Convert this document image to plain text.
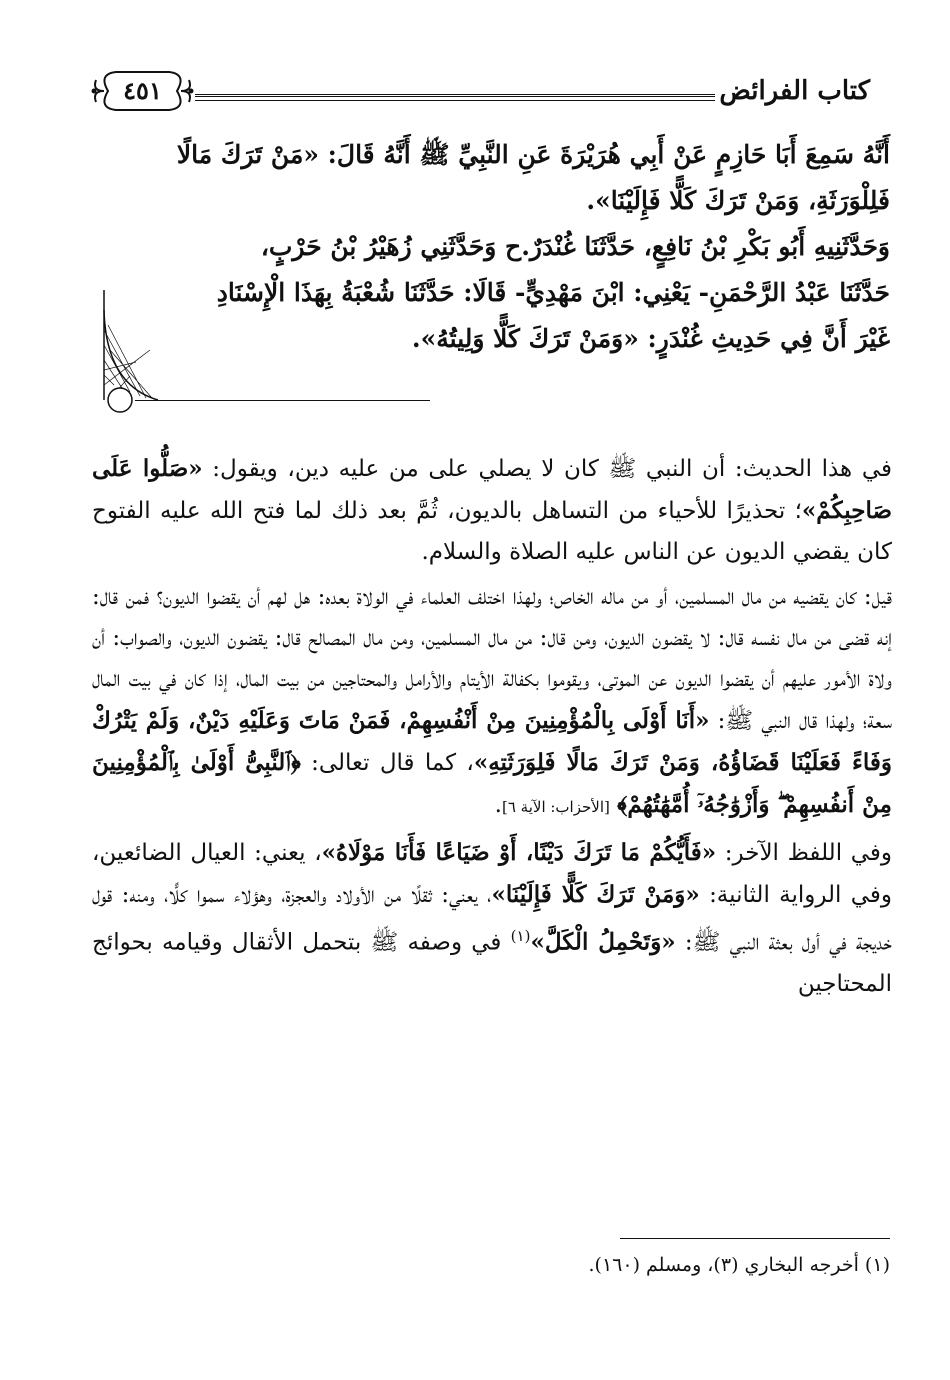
كتاب الفرائض
٤٥١

أَنَّهُ سَمِعَ أَبَا حَازِمٍ عَنْ أَبِي هُرَيْرَةَ عَنِ النَّبِيِّ ﷺ أَنَّهُ قَالَ: «مَنْ تَرَكَ مَالًا

فَلِلْوَرَثَةِ، وَمَنْ تَرَكَ كَلًّا فَإِلَيْنَا».

وَحَدَّثَنِيهِ أَبُو بَكْرِ بْنُ نَافِعٍ، حَدَّثَنَا غُنْدَرٌ.ح وَحَدَّثَنِي زُهَيْرُ بْنُ حَرْبٍ،

حَدَّثَنَا عَبْدُ الرَّحْمَنِ- يَعْنِي: ابْنَ مَهْدِيٍّ- قَالَا: حَدَّثَنَا شُعْبَةُ بِهَذَا الْإِسْنَادِ

غَيْرَ أَنَّ فِي حَدِيثِ غُنْدَرٍ: «وَمَنْ تَرَكَ كَلًّا وَلِيتُهُ».

في هذا الحديث: أن النبي ﷺ كان لا يصلي على من عليه دين، ويقول: «صَلُّوا عَلَى صَاحِبِكُمْ»؛ تحذيرًا للأحياء من التساهل بالديون، ثُمَّ بعد ذلك لما فتح الله عليه الفتوح كان يقضي الديون عن الناس عليه الصلاة والسلام.

قيل: كان يقضيه من مال المسلمين، أو من ماله الخاص؛ ولهذا اختلف العلماء في الولاة بعده: هل لهم أن يقضوا الديون؟ فمن قال: إنه قضى من مال نفسه قال: لا يقضون الديون، ومن قال: من مال المسلمين، ومن مال المصالح قال: يقضون الديون، والصواب: أن ولاة الأمور عليهم أن يقضوا الديون عن الموتى، ويقوموا بكفالة الأيتام والأرامل والمحتاجين من بيت المال، إذا كان في بيت المال سعة؛ ولهذا قال النبي ﷺ: «أَنَا أَوْلَى بِالْمُؤْمِنِينَ مِنْ أَنْفُسِهِمْ، فَمَنْ مَاتَ وَعَلَيْهِ دَيْنٌ، وَلَمْ يَتْرُكْ وَفَاءً فَعَلَيْنَا قَضَاؤُهُ، وَمَنْ تَرَكَ مَالًا فَلِوَرَثَتِهِ»، كما قال تعالى: ﴿ٱلنَّبِىُّ أَوْلَىٰ بِٱلْمُؤْمِنِينَ مِنْ أَنفُسِهِمْ ۖ وَأَزْوَٰجُهُۥٓ أُمَّهَٰتُهُمْ﴾ [الأحزاب: الآية ٦].

وفي اللفظ الآخر: «فَأَيُّكُمْ مَا تَرَكَ دَيْنًا، أَوْ ضَيَاعًا فَأَنَا مَوْلَاهُ»، يعني: العيال الضائعين، وفي الرواية الثانية: «وَمَنْ تَرَكَ كَلًّا فَإِلَيْنَا»، يعني: ثقلًا من الأولاد والعجزة، وهؤلاء سموا كلًّا، ومنه: قول خديجة في أول بعثة النبي ﷺ: «وَتَحْمِلُ الْكَلَّ»$^{(١)}$ في وصفه ﷺ بتحمل الأثقال وقيامه بحوائج المحتاجين

(١) أخرجه البخاري (٣)، ومسلم (١٦٠).
